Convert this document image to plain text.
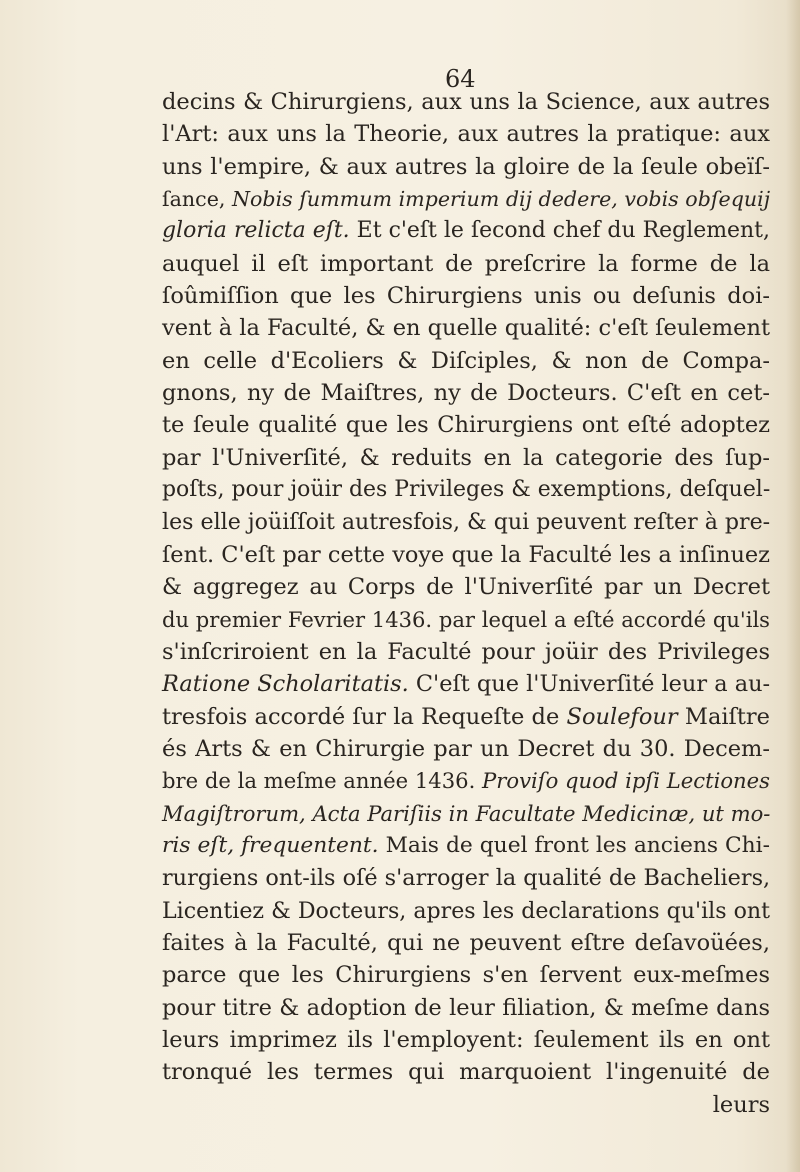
64
decins & Chirurgiens, aux uns la Science, aux autres
l'Art: aux uns la Theorie, aux autres la pratique: aux
uns l'empire, & aux autres la gloire de la ſeule obeïſ-
ſance, Nobis ſummum imperium dij dedere, vobis obſequij
gloria relicta eſt. Et c'eſt le ſecond chef du Reglement,
auquel il eſt important de preſcrire la forme de la
ſoûmiſſion que les Chirurgiens unis ou deſunis doi-
vent à la Faculté, & en quelle qualité: c'eſt ſeulement
en celle d'Ecoliers & Diſciples, & non de Compa-
gnons, ny de Maiſtres, ny de Docteurs. C'eſt en cet-
te ſeule qualité que les Chirurgiens ont eſté adoptez
par l'Univerſité, & reduits en la categorie des ſup-
poſts, pour joüir des Privileges & exemptions, deſquel-
les elle joüiſſoit autresfois, & qui peuvent reſter à pre-
ſent. C'eſt par cette voye que la Faculté les a inſinuez
& aggregez au Corps de l'Univerſité par un Decret
du premier Fevrier 1436. par lequel a eſté accordé qu'ils
s'inſcriroient en la Faculté pour joüir des Privileges
Ratione Scholaritatis. C'eſt que l'Univerſité leur a au-
tresfois accordé ſur la Requeſte de Soulefour Maiſtre
és Arts & en Chirurgie par un Decret du 30. Decem-
bre de la meſme année 1436. Proviſo quod ipſi Lectiones
Magiſtrorum, Acta Pariſiis in Facultate Medicinæ, ut mo-
ris eſt, frequentent. Mais de quel front les anciens Chi-
rurgiens ont-ils oſé s'arroger la qualité de Bacheliers,
Licentiez & Docteurs, apres les declarations qu'ils ont
faites à la Faculté, qui ne peuvent eſtre deſavoüées,
parce que les Chirurgiens s'en ſervent eux-meſmes
pour titre & adoption de leur filiation, & meſme dans
leurs imprimez ils l'employent: ſeulement ils en ont
tronqué les termes qui marquoient l'ingenuité de
leurs
